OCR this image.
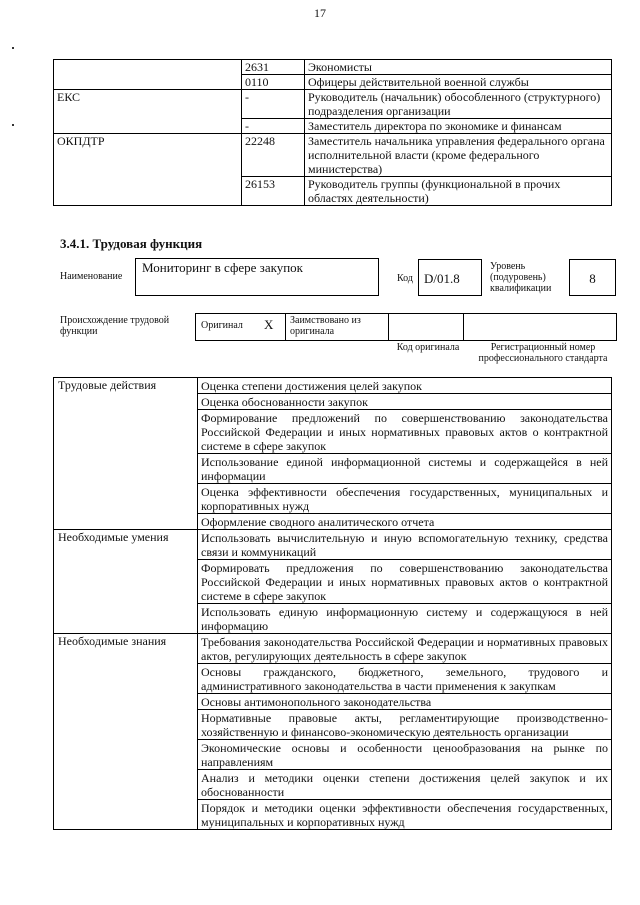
17
	2631	Экономисты
	0110	Офицеры действительной военной службы
ЕКС	-	Руководитель (начальник) обособленного (структурного) подразделения организации
	-	Заместитель директора по экономике и финансам
ОКПДТР	22248	Заместитель начальника управления федерального органа исполнительной власти (кроме федерального министерства)
	26153	Руководитель группы (функциональной в прочих областях деятельности)
3.4.1. Трудовая функция
Наименование
Мониторинг в сфере закупок
Код D/01.8
Уровень (подуровень) квалификации
8
Происхождение трудовой функции
Оригинал X Заимствовано из оригинала
Код оригинала	Регистрационный номер профессионального стандарта
Трудовые действия	Оценка степени достижения целей закупок
	Оценка обоснованности закупок
	Формирование предложений по совершенствованию законодательства Российской Федерации и иных нормативных правовых актов о контрактной системе в сфере закупок
	Использование единой информационной системы и содержащейся в ней информации
	Оценка эффективности обеспечения государственных, муниципальных и корпоративных нужд
	Оформление сводного аналитического отчета
Необходимые умения	Использовать вычислительную и иную вспомогательную технику, средства связи и коммуникаций
	Формировать предложения по совершенствованию законодательства Российской Федерации и иных нормативных правовых актов о контрактной системе в сфере закупок
	Использовать единую информационную систему и содержащуюся в ней информацию
Необходимые знания	Требования законодательства Российской Федерации и нормативных правовых актов, регулирующих деятельность в сфере закупок
	Основы гражданского, бюджетного, земельного, трудового и административного законодательства в части применения к закупкам
	Основы антимонопольного законодательства
	Нормативные правовые акты, регламентирующие производственно-хозяйственную и финансово-экономическую деятельность организации
	Экономические основы и особенности ценообразования на рынке по направлениям
	Анализ и методики оценки степени достижения целей закупок и их обоснованности
	Порядок и методики оценки эффективности обеспечения государственных, муниципальных и корпоративных нужд
